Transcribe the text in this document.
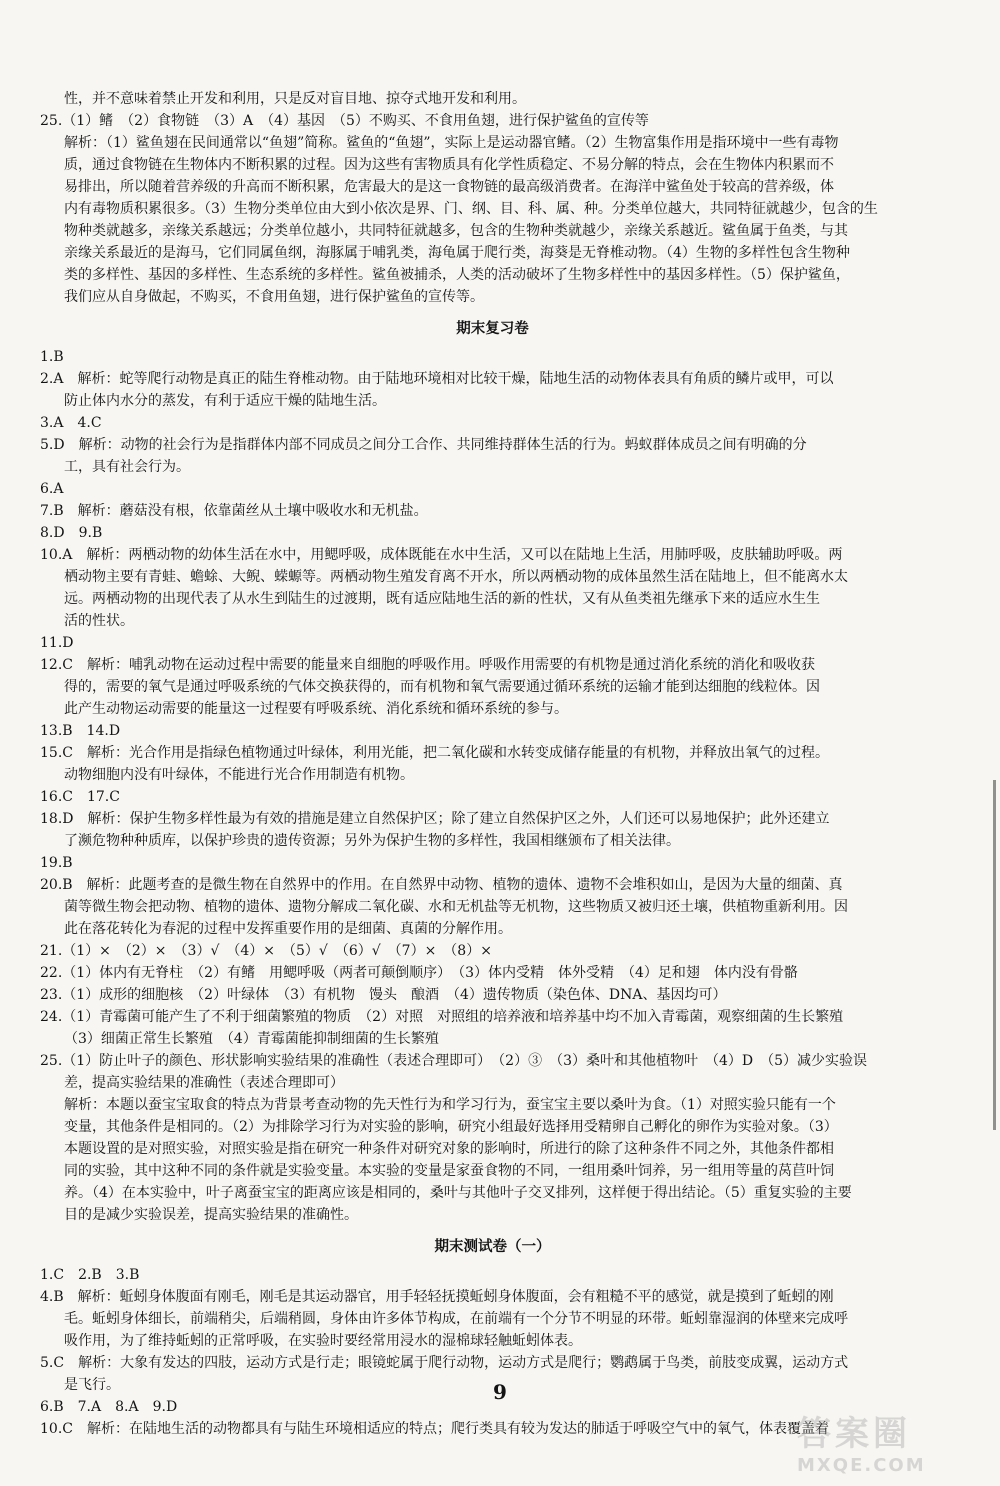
性，并不意味着禁止开发和利用，只是反对盲目地、掠夺式地开发和利用。
25.（1）鳍　（2）食物链　（3）A　（4）基因　（5）不购买、不食用鱼翅，进行保护鲨鱼的宣传等
解析：（1）鲨鱼翅在民间通常以“鱼翅”简称。鲨鱼的“鱼翅”，实际上是运动器官鳍。（2）生物富集作用是指环境中一些有毒物
质，通过食物链在生物体内不断积累的过程。因为这些有害物质具有化学性质稳定、不易分解的特点，会在生物体内积累而不
易排出，所以随着营养级的升高而不断积累，危害最大的是这一食物链的最高级消费者。在海洋中鲨鱼处于较高的营养级，体
内有毒物质积累很多。（3）生物分类单位由大到小依次是界、门、纲、目、科、属、种。分类单位越大，共同特征就越少，包含的生
物种类就越多，亲缘关系越远；分类单位越小，共同特征就越多，包含的生物种类就越少，亲缘关系越近。鲨鱼属于鱼类，与其
亲缘关系最近的是海马，它们同属鱼纲，海豚属于哺乳类，海龟属于爬行类，海葵是无脊椎动物。（4）生物的多样性包含生物种
类的多样性、基因的多样性、生态系统的多样性。鲨鱼被捕杀，人类的活动破坏了生物多样性中的基因多样性。（5）保护鲨鱼，
我们应从自身做起，不购买，不食用鱼翅，进行保护鲨鱼的宣传等。
期末复习卷
1.B
2.A　解析：蛇等爬行动物是真正的陆生脊椎动物。由于陆地环境相对比较干燥，陆地生活的动物体表具有角质的鳞片或甲，可以
防止体内水分的蒸发，有利于适应干燥的陆地生活。
3.A　4.C
5.D　解析：动物的社会行为是指群体内部不同成员之间分工合作、共同维持群体生活的行为。蚂蚁群体成员之间有明确的分
工，具有社会行为。
6.A
7.B　解析：蘑菇没有根，依靠菌丝从土壤中吸收水和无机盐。
8.D　9.B
10.A　解析：两栖动物的幼体生活在水中，用鳃呼吸，成体既能在水中生活，又可以在陆地上生活，用肺呼吸，皮肤辅助呼吸。两
栖动物主要有青蛙、蟾蜍、大鲵、蝾螈等。两栖动物生殖发育离不开水，所以两栖动物的成体虽然生活在陆地上，但不能离水太
远。两栖动物的出现代表了从水生到陆生的过渡期，既有适应陆地生活的新的性状，又有从鱼类祖先继承下来的适应水生生
活的性状。
11.D
12.C　解析：哺乳动物在运动过程中需要的能量来自细胞的呼吸作用。呼吸作用需要的有机物是通过消化系统的消化和吸收获
得的，需要的氧气是通过呼吸系统的气体交换获得的，而有机物和氧气需要通过循环系统的运输才能到达细胞的线粒体。因
此产生动物运动需要的能量这一过程要有呼吸系统、消化系统和循环系统的参与。
13.B　14.D
15.C　解析：光合作用是指绿色植物通过叶绿体，利用光能，把二氧化碳和水转变成储存能量的有机物，并释放出氧气的过程。
动物细胞内没有叶绿体，不能进行光合作用制造有机物。
16.C　17.C
18.D　解析：保护生物多样性最为有效的措施是建立自然保护区；除了建立自然保护区之外，人们还可以易地保护；此外还建立
了濒危物种种质库，以保护珍贵的遗传资源；另外为保护生物的多样性，我国相继颁布了相关法律。
19.B
20.B　解析：此题考查的是微生物在自然界中的作用。在自然界中动物、植物的遗体、遗物不会堆积如山，是因为大量的细菌、真
菌等微生物会把动物、植物的遗体、遗物分解成二氧化碳、水和无机盐等无机物，这些物质又被归还土壤，供植物重新利用。因
此在落花转化为春泥的过程中发挥重要作用的是细菌、真菌的分解作用。
21.（1）×　（2）×　（3）√　（4）×　（5）√　（6）√　（7）×　（8）×
22.（1）体内有无脊柱　（2）有鳍　用鳃呼吸（两者可颠倒顺序）　（3）体内受精　体外受精　（4）足和翅　体内没有骨骼
23.（1）成形的细胞核　（2）叶绿体　（3）有机物　馒头　酿酒　（4）遗传物质（染色体、DNA、基因均可）
24.（1）青霉菌可能产生了不利于细菌繁殖的物质　（2）对照　对照组的培养液和培养基中均不加入青霉菌，观察细菌的生长繁殖
（3）细菌正常生长繁殖　（4）青霉菌能抑制细菌的生长繁殖
25.（1）防止叶子的颜色、形状影响实验结果的准确性（表述合理即可）　（2）③　（3）桑叶和其他植物叶　（4）D　（5）减少实验误
差，提高实验结果的准确性（表述合理即可）
解析：本题以蚕宝宝取食的特点为背景考查动物的先天性行为和学习行为，蚕宝宝主要以桑叶为食。（1）对照实验只能有一个
变量，其他条件是相同的。（2）为排除学习行为对实验的影响，研究小组最好选择用受精卵自己孵化的卵作为实验对象。（3）
本题设置的是对照实验，对照实验是指在研究一种条件对研究对象的影响时，所进行的除了这种条件不同之外，其他条件都相
同的实验，其中这种不同的条件就是实验变量。本实验的变量是家蚕食物的不同，一组用桑叶饲养，另一组用等量的莴苣叶饲
养。（4）在本实验中，叶子离蚕宝宝的距离应该是相同的，桑叶与其他叶子交叉排列，这样便于得出结论。（5）重复实验的主要
目的是减少实验误差，提高实验结果的准确性。
期末测试卷（一）
1.C　2.B　3.B
4.B　解析：蚯蚓身体腹面有刚毛，刚毛是其运动器官，用手轻轻抚摸蚯蚓身体腹面，会有粗糙不平的感觉，就是摸到了蚯蚓的刚
毛。蚯蚓身体细长，前端稍尖，后端稍圆，身体由许多体节构成，在前端有一个分节不明显的环带。蚯蚓靠湿润的体壁来完成呼
吸作用，为了维持蚯蚓的正常呼吸，在实验时要经常用浸水的湿棉球轻触蚯蚓体表。
5.C　解析：大象有发达的四肢，运动方式是行走；眼镜蛇属于爬行动物，运动方式是爬行；鹦鹉属于鸟类，前肢变成翼，运动方式
是飞行。
6.B　7.A　8.A　9.D
10.C　解析：在陆地生活的动物都具有与陆生环境相适应的特点；爬行类具有较为发达的肺适于呼吸空气中的氧气，体表覆盖着
9
答案圈
MXQE.COM
